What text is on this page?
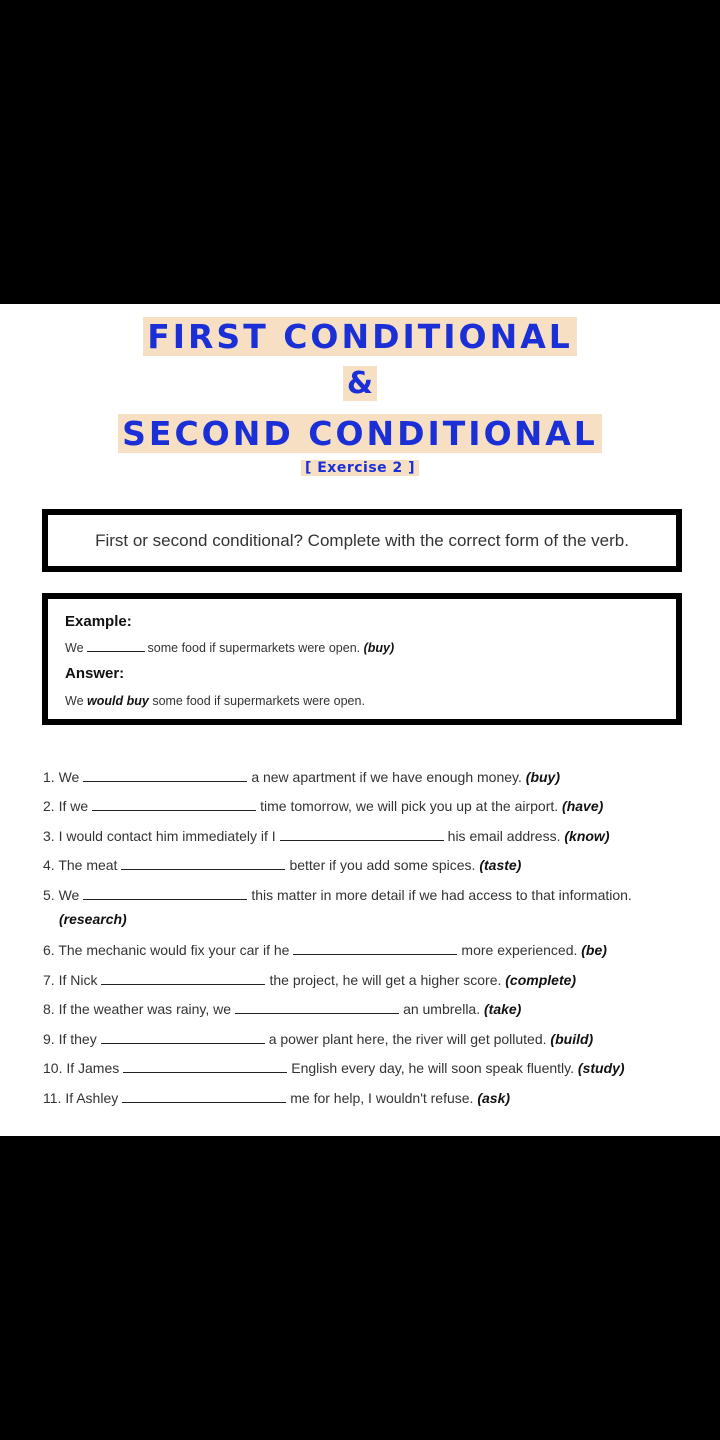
FIRST CONDITIONAL
&
SECOND CONDITIONAL
[ Exercise 2 ]

First or second conditional? Complete with the correct form of the verb.

Example:
We	some food if supermarkets were open. (buy)
Answer:
We would buy some food if supermarkets were open.
1. We	a new apartment if we have enough money. (buy)
2. If we	time tomorrow, we will pick you up at the airport. (have)
3. I would contact him immediately if I	his email address. (know)
4. The meat	better if you add some spices. (taste)
5. We	this matter in more detail if we had access to that information.
(research)
6. The mechanic would fix your car if he	more experienced. (be)
7. If Nick	the project, he will get a higher score. (complete)
8. If the weather was rainy, we	an umbrella. (take)
9. If they	a power plant here, the river will get polluted. (build)
10. If James	English every day, he will soon speak fluently. (study)
11. If Ashley	me for help, I wouldn't refuse. (ask)
